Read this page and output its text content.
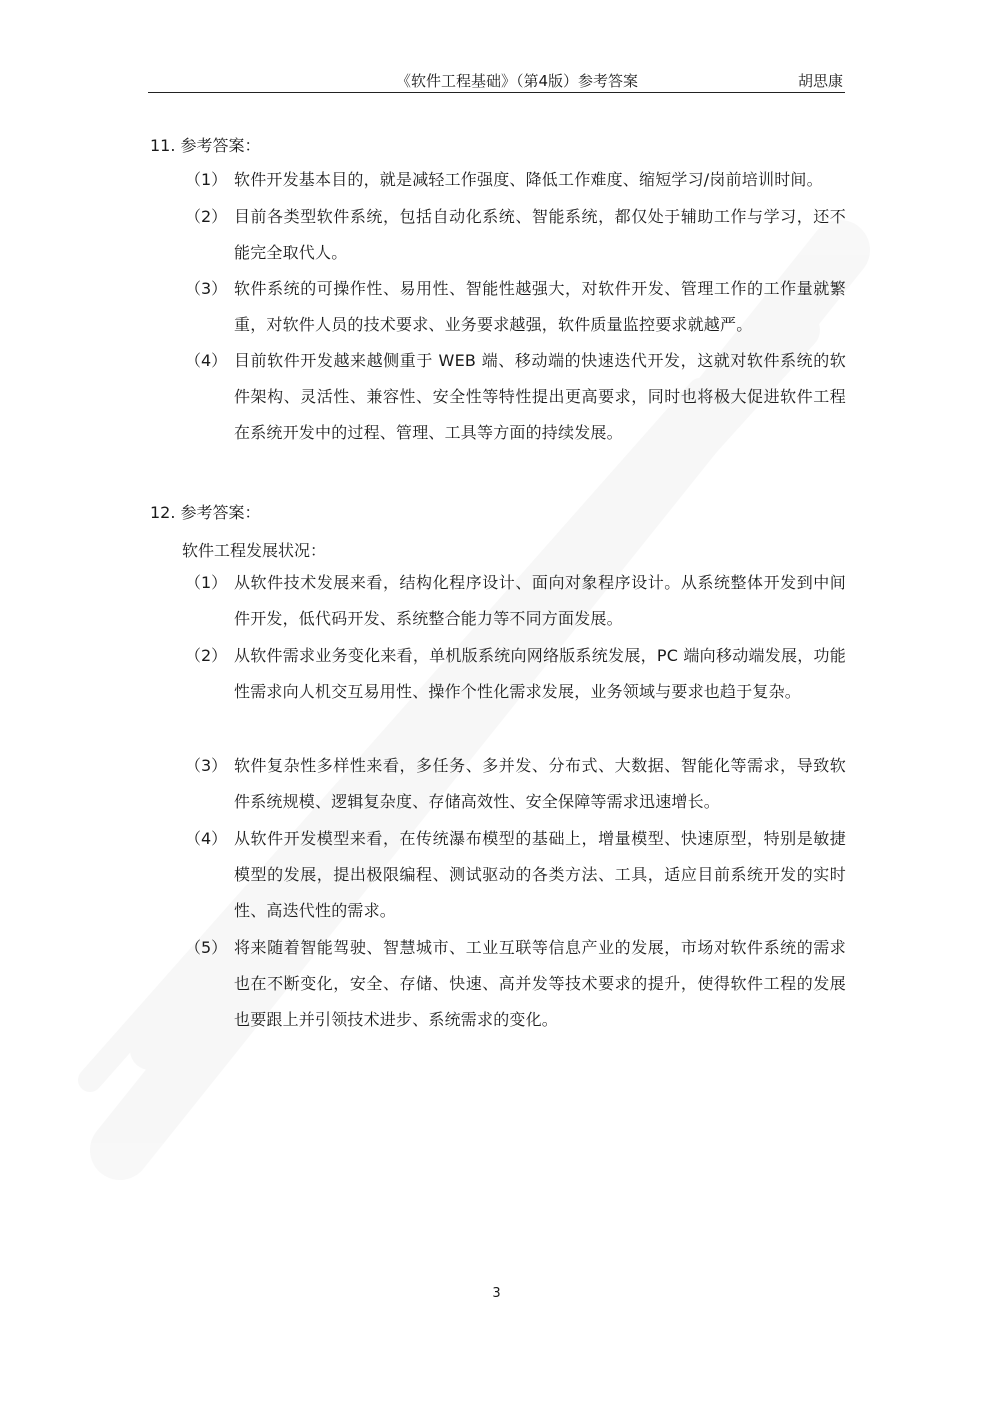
《软件工程基础》（第4版）参考答案	胡思康
11. 参考答案：
（1） 软件开发基本目的，就是减轻工作强度、降低工作难度、缩短学习/岗前培训时间。
（2） 目前各类型软件系统，包括自动化系统、智能系统，都仅处于辅助工作与学习，还不能完全取代人。
（3） 软件系统的可操作性、易用性、智能性越强大，对软件开发、管理工作的工作量就繁重，对软件人员的技术要求、业务要求越强，软件质量监控要求就越严。
（4） 目前软件开发越来越侧重于 WEB 端、移动端的快速迭代开发，这就对软件系统的软件架构、灵活性、兼容性、安全性等特性提出更高要求，同时也将极大促进软件工程在系统开发中的过程、管理、工具等方面的持续发展。
12. 参考答案：
软件工程发展状况：
（1） 从软件技术发展来看，结构化程序设计、面向对象程序设计。从系统整体开发到中间件开发，低代码开发、系统整合能力等不同方面发展。
（2） 从软件需求业务变化来看，单机版系统向网络版系统发展，PC 端向移动端发展，功能性需求向人机交互易用性、操作个性化需求发展，业务领域与要求也趋于复杂。
（3） 软件复杂性多样性来看，多任务、多并发、分布式、大数据、智能化等需求，导致软件系统规模、逻辑复杂度、存储高效性、安全保障等需求迅速增长。
（4） 从软件开发模型来看，在传统瀑布模型的基础上，增量模型、快速原型，特别是敏捷模型的发展，提出极限编程、测试驱动的各类方法、工具，适应目前系统开发的实时性、高迭代性的需求。
（5） 将来随着智能驾驶、智慧城市、工业互联等信息产业的发展，市场对软件系统的需求也在不断变化，安全、存储、快速、高并发等技术要求的提升，使得软件工程的发展也要跟上并引领技术进步、系统需求的变化。
3
